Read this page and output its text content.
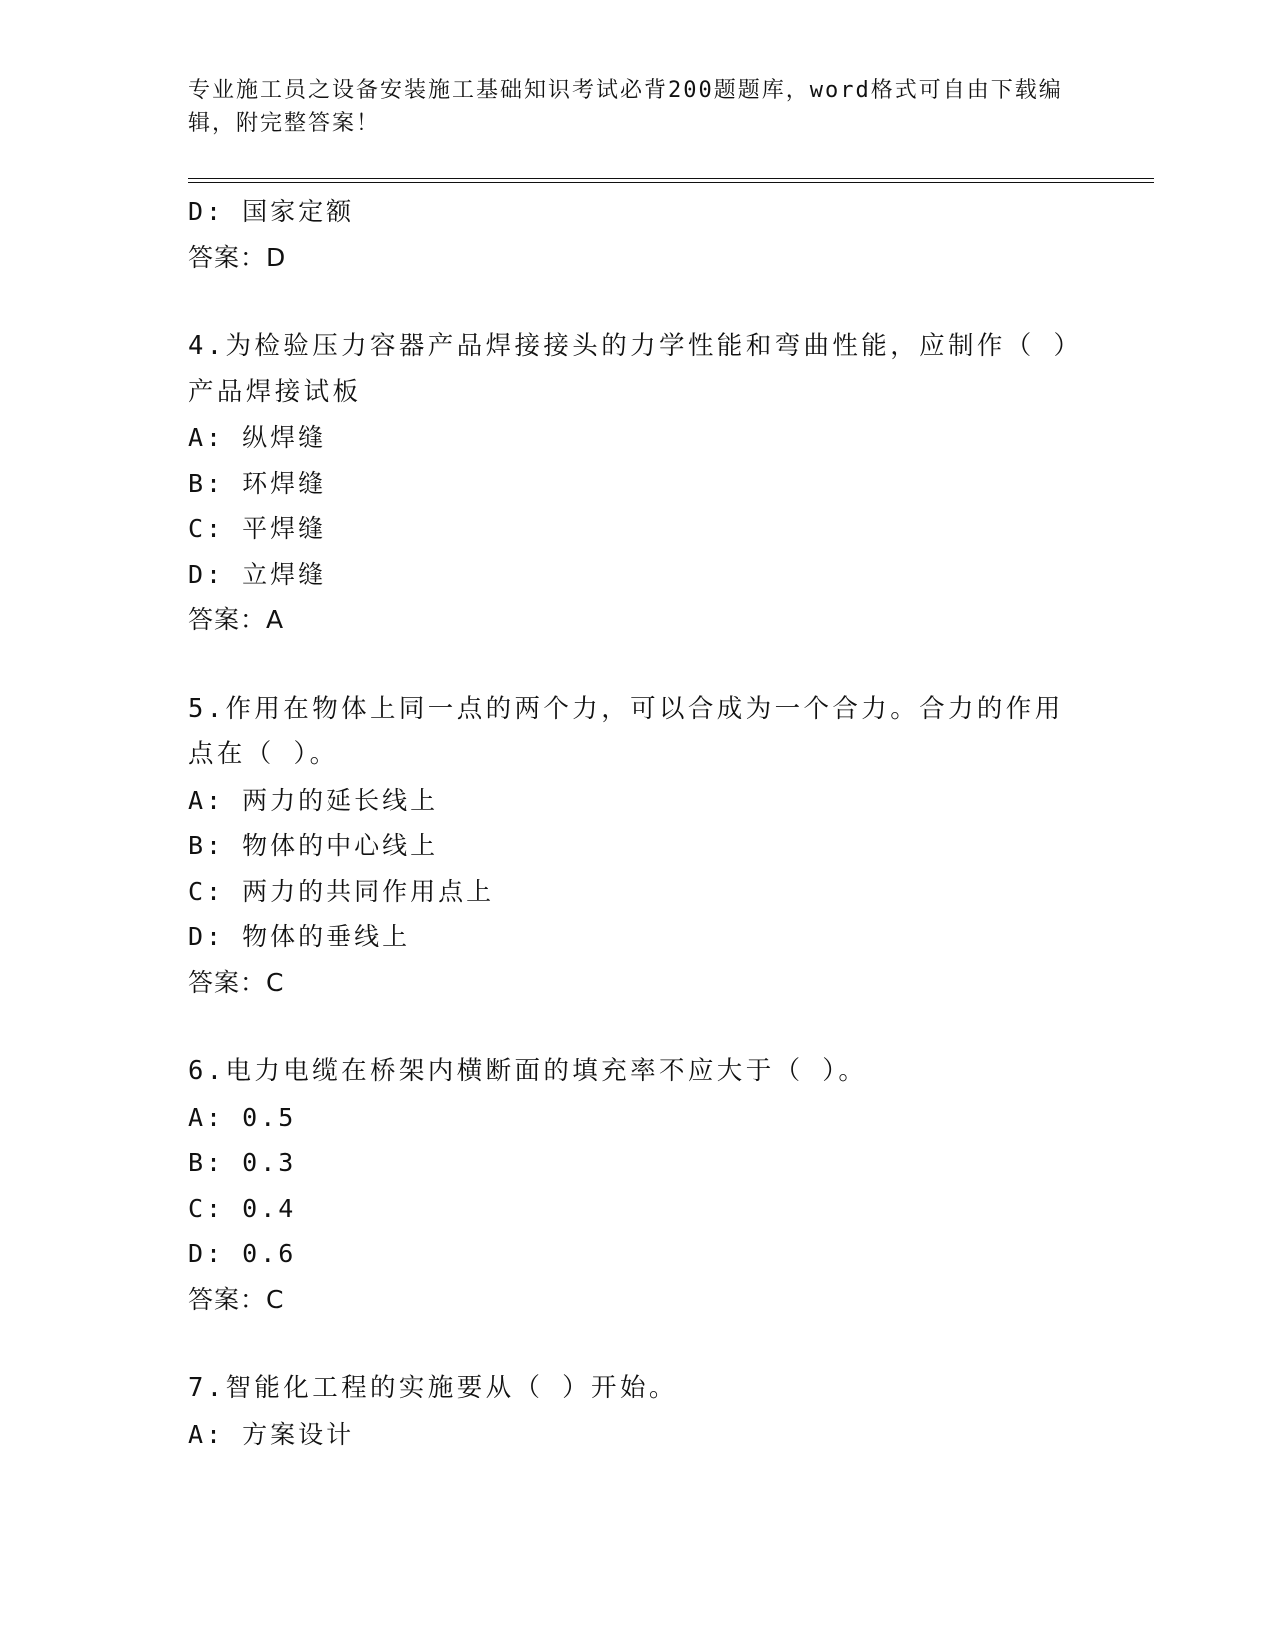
专业施工员之设备安装施工基础知识考试必背200题题库，word格式可自由下载编辑，附完整答案！
D: 国家定额
答案：D
4.为检验压力容器产品焊接接头的力学性能和弯曲性能，应制作（ ）产品焊接试板
A: 纵焊缝
B: 环焊缝
C: 平焊缝
D: 立焊缝
答案：A
5.作用在物体上同一点的两个力，可以合成为一个合力。合力的作用点在（ ）。
A: 两力的延长线上
B: 物体的中心线上
C: 两力的共同作用点上
D: 物体的垂线上
答案：C
6.电力电缆在桥架内横断面的填充率不应大于（ ）。
A: 0.5
B: 0.3
C: 0.4
D: 0.6
答案：C
7.智能化工程的实施要从（ ）开始。
A: 方案设计
